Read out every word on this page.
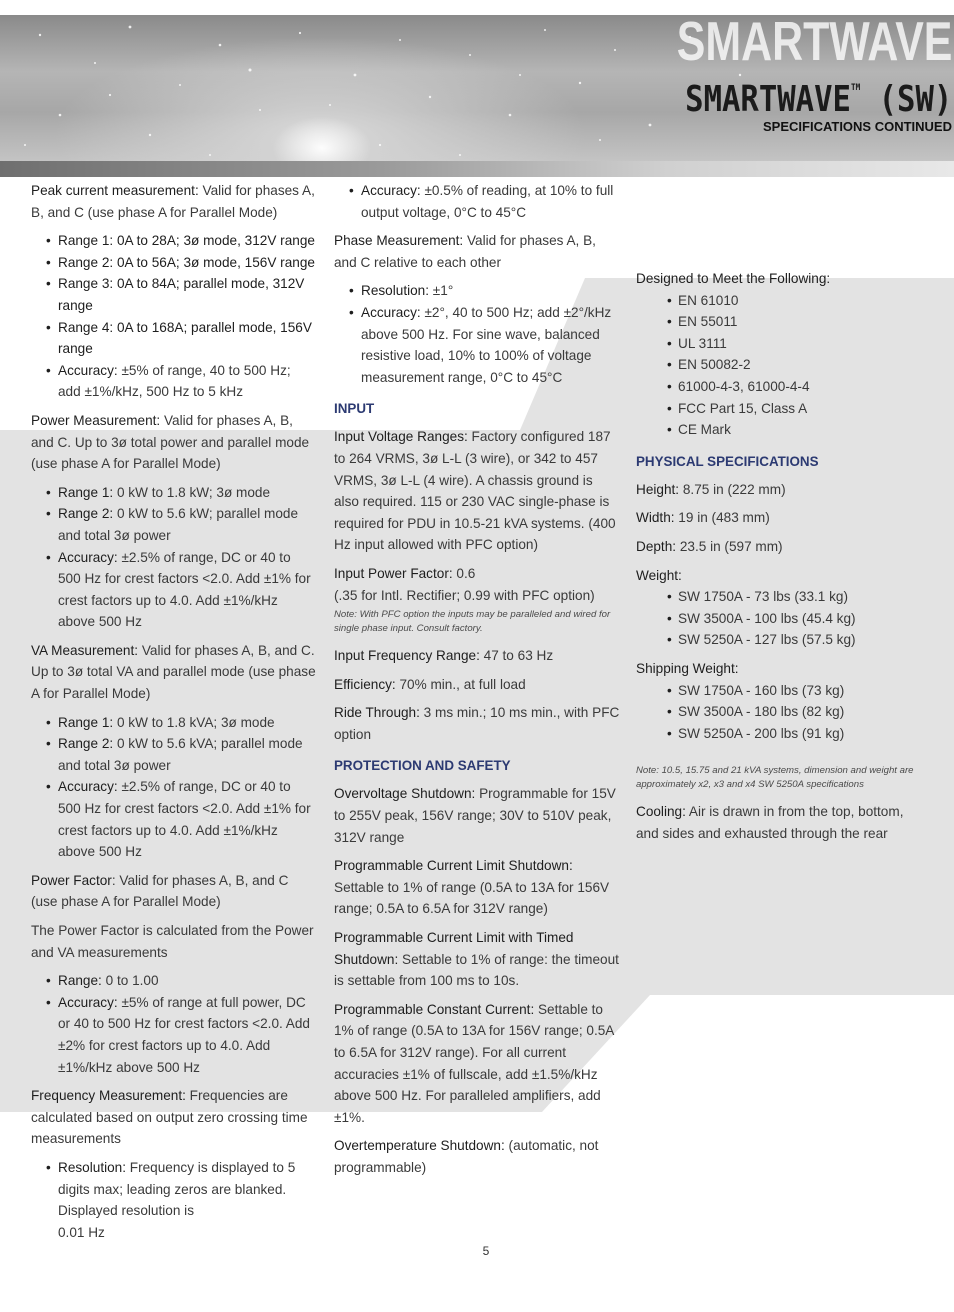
SMARTWAVE
SMARTWAVE™ (SW)
SPECIFICATIONS CONTINUED

Peak current measurement: Valid for phases A, B, and C (use phase A for Parallel Mode)

• Range 1: 0A to 28A; 3ø mode, 312V range
• Range 2: 0A to 56A; 3ø mode, 156V range
• Range 3: 0A to 84A; parallel mode, 312V range
• Range 4: 0A to 168A; parallel mode, 156V range
• Accuracy: ±5% of range, 40 to 500 Hz; add ±1%/kHz, 500 Hz to 5 kHz

Power Measurement: Valid for phases A, B, and C. Up to 3ø total power and parallel mode (use phase A for Parallel Mode)

• Range 1: 0 kW to 1.8 kW; 3ø mode
• Range 2: 0 kW to 5.6 kW; parallel mode and total 3ø power
• Accuracy: ±2.5% of range, DC or 40 to 500 Hz for crest factors <2.0. Add ±1% for crest factors up to 4.0. Add ±1%/kHz above 500 Hz

VA Measurement: Valid for phases A, B, and C. Up to 3ø total VA and parallel mode (use phase A for Parallel Mode)

• Range 1: 0 kW to 1.8 kVA; 3ø mode
• Range 2: 0 kW to 5.6 kVA; parallel mode and total 3ø power
• Accuracy: ±2.5% of range, DC or 40 to 500 Hz for crest factors <2.0. Add ±1% for crest factors up to 4.0. Add ±1%/kHz above 500 Hz

Power Factor: Valid for phases A, B, and C (use phase A for Parallel Mode)

The Power Factor is calculated from the Power and VA measurements

• Range: 0 to 1.00
• Accuracy: ±5% of range at full power, DC or 40 to 500 Hz for crest factors <2.0. Add ±2% for crest factors up to 4.0. Add ±1%/kHz above 500 Hz

Frequency Measurement: Frequencies are calculated based on output zero crossing time measurements

• Resolution: Frequency is displayed to 5 digits max; leading zeros are blanked. Displayed resolution is
0.01 Hz
• Accuracy: ±0.5% of reading, at 10% to full output voltage, 0°C to 45°C

Phase Measurement: Valid for phases A, B, and C relative to each other

• Resolution: ±1°
• Accuracy: ±2°, 40 to 500 Hz; add ±2°/kHz above 500 Hz. For sine wave, balanced resistive load, 10% to 100% of voltage measurement range, 0°C to 45°C
INPUT

Input Voltage Ranges: Factory configured 187 to 264 VRMS, 3ø L-L (3 wire), or 342 to 457 VRMS, 3ø L-L (4 wire). A chassis ground is also required. 115 or 230 VAC single-phase is required for PDU in 10.5-21 kVA systems. (400 Hz input allowed with PFC option)

Input Power Factor: 0.6
(.35 for Intl. Rectifier; 0.99 with PFC option)

Note: With PFC option the inputs may be paralleled and wired for single phase input. Consult factory.

Input Frequency Range: 47 to 63 Hz

Efficiency: 70% min., at full load

Ride Through: 3 ms min.; 10 ms min., with PFC option

PROTECTION AND SAFETY

Overvoltage Shutdown: Programmable for 15V to 255V peak, 156V range; 30V to 510V peak, 312V range

Programmable Current Limit Shutdown: Settable to 1% of range (0.5A to 13A for 156V range; 0.5A to 6.5A for 312V range)

Programmable Current Limit with Timed Shutdown: Settable to 1% of range: the timeout is settable from 100 ms to 10s.

Programmable Constant Current: Settable to 1% of range (0.5A to 13A for 156V range; 0.5A to 6.5A for 312V range). For all current accuracies ±1% of fullscale, add ±1.5%/kHz above 500 Hz. For paralleled amplifiers, add ±1%.

Overtemperature Shutdown: (automatic, not programmable)

Designed to Meet the Following:

• EN 61010
• EN 55011
• UL 3111
• EN 50082-2
• 61000-4-3, 61000-4-4
• FCC Part 15, Class A
• CE Mark
PHYSICAL SPECIFICATIONS

Height: 8.75 in (222 mm)

Width: 19 in (483 mm)

Depth: 23.5 in (597 mm)

Weight:

• SW 1750A - 73 lbs (33.1 kg)
• SW 3500A - 100 lbs (45.4 kg)
• SW 5250A - 127 lbs (57.5 kg)

Shipping Weight:

• SW 1750A - 160 lbs (73 kg)
• SW 3500A - 180 lbs (82 kg)
• SW 5250A - 200 lbs (91 kg)

Note: 10.5, 15.75 and 21 kVA systems, dimension and weight are approximately x2, x3 and x4 SW 5250A specifications

Cooling: Air is drawn in from the top, bottom, and sides and exhausted through the rear

5
